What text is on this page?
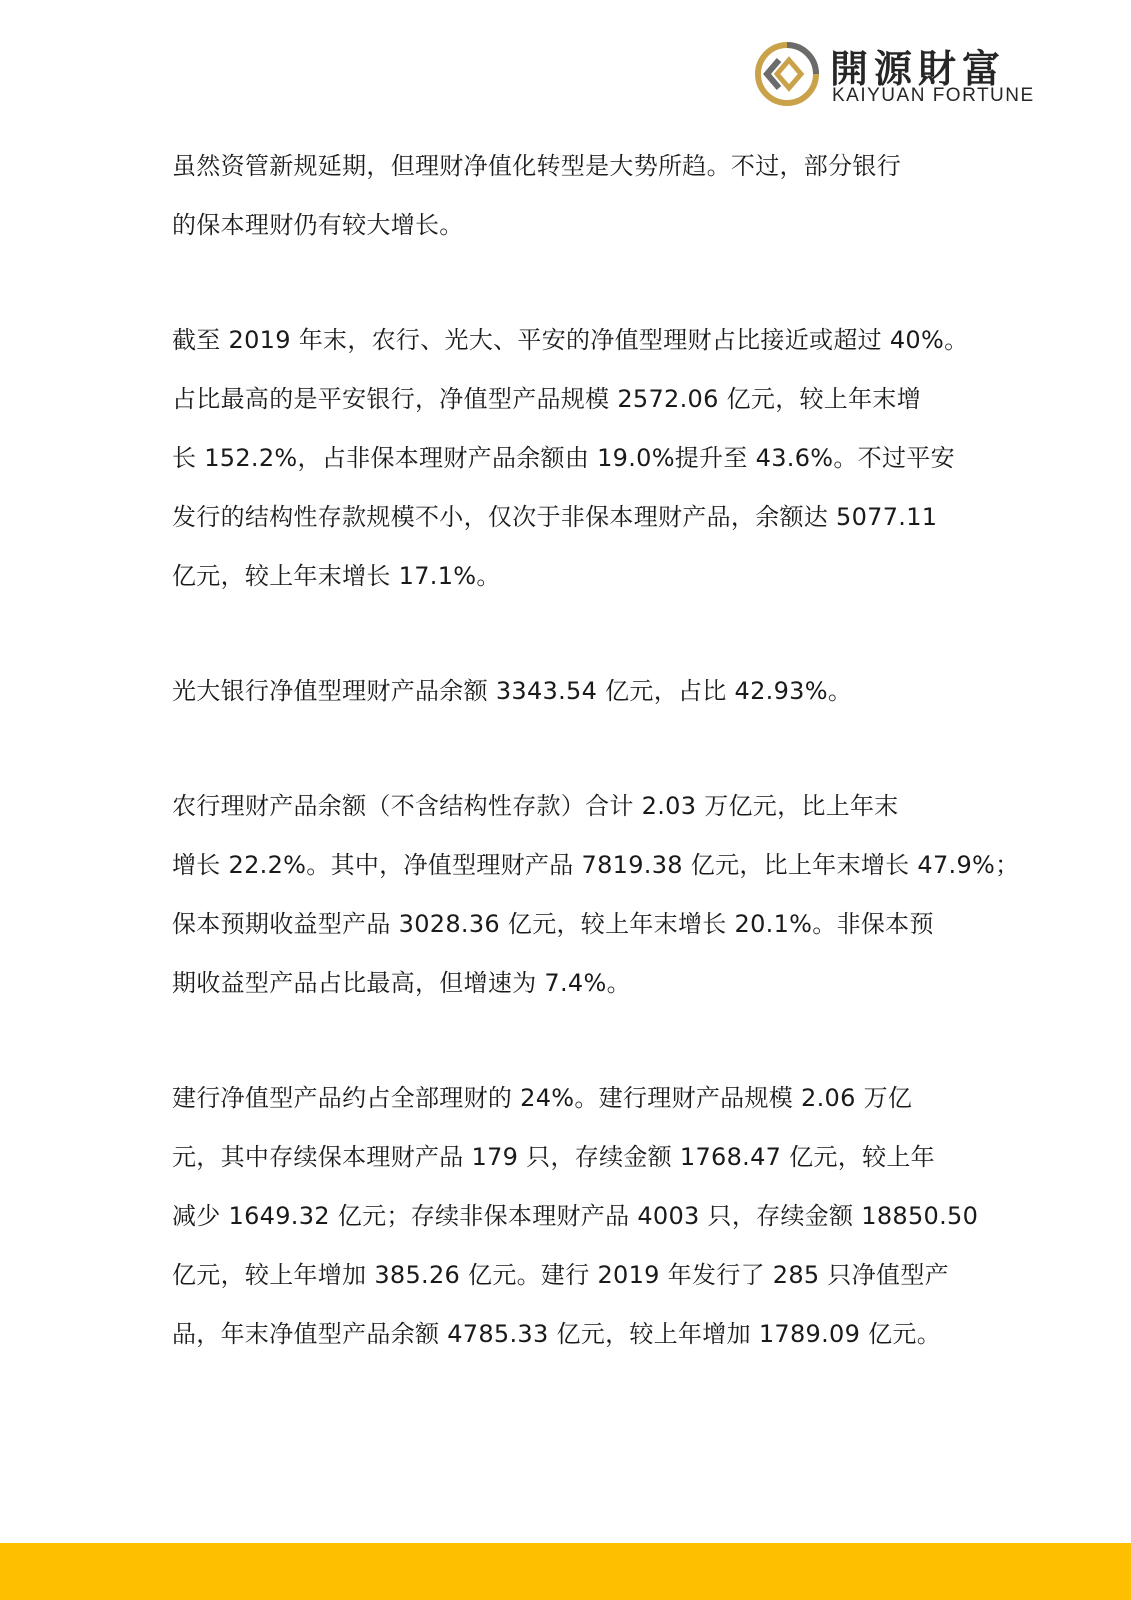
開源財富
KAIYUAN FORTUNE

虽然资管新规延期，但理财净值化转型是大势所趋。不过，部分银行
的保本理财仍有较大增长。

截至 2019 年末，农行、光大、平安的净值型理财占比接近或超过 40%。
占比最高的是平安银行，净值型产品规模 2572.06 亿元，较上年末增
长 152.2%，占非保本理财产品余额由 19.0%提升至 43.6%。不过平安
发行的结构性存款规模不小，仅次于非保本理财产品，余额达 5077.11
亿元，较上年末增长 17.1%。

光大银行净值型理财产品余额 3343.54 亿元，占比 42.93%。

农行理财产品余额（不含结构性存款）合计 2.03 万亿元，比上年末
增长 22.2%。其中，净值型理财产品 7819.38 亿元，比上年末增长 47.9%；
保本预期收益型产品 3028.36 亿元，较上年末增长 20.1%。非保本预
期收益型产品占比最高，但增速为 7.4%。

建行净值型产品约占全部理财的 24%。建行理财产品规模 2.06 万亿
元，其中存续保本理财产品 179 只，存续金额 1768.47 亿元，较上年
减少 1649.32 亿元；存续非保本理财产品 4003 只，存续金额 18850.50
亿元，较上年增加 385.26 亿元。建行 2019 年发行了 285 只净值型产
品，年末净值型产品余额 4785.33 亿元，较上年增加 1789.09 亿元。
